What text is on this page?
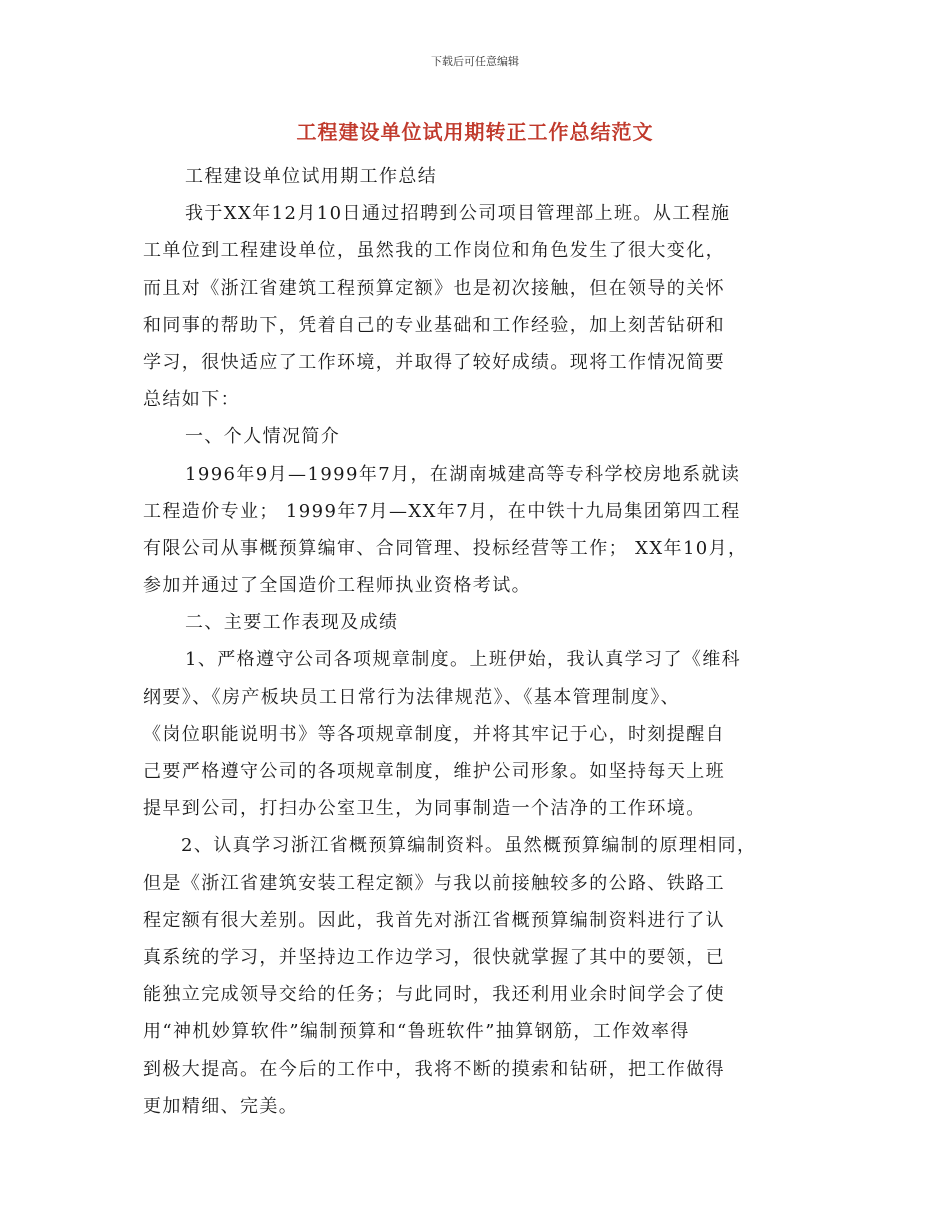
下载后可任意编辑
工程建设单位试用期转正工作总结范文
工程建设单位试用期工作总结
我于XX年12月10日通过招聘到公司项目管理部上班。从工程施
工单位到工程建设单位，虽然我的工作岗位和角色发生了很大变化，
而且对《浙江省建筑工程预算定额》也是初次接触，但在领导的关怀
和同事的帮助下，凭着自己的专业基础和工作经验，加上刻苦钻研和
学习，很快适应了工作环境，并取得了较好成绩。现将工作情况简要
总结如下：
一、个人情况简介
1996年9月—1999年7月，在湖南城建高等专科学校房地系就读
工程造价专业； 1999年7月—XX年7月，在中铁十九局集团第四工程
有限公司从事概预算编审、合同管理、投标经营等工作； XX年10月，
参加并通过了全国造价工程师执业资格考试。
二、主要工作表现及成绩
1、严格遵守公司各项规章制度。上班伊始，我认真学习了《维科
纲要》、《房产板块员工日常行为法律规范》、《基本管理制度》、
《岗位职能说明书》等各项规章制度，并将其牢记于心，时刻提醒自
己要严格遵守公司的各项规章制度，维护公司形象。如坚持每天上班
提早到公司，打扫办公室卫生，为同事制造一个洁净的工作环境。
2、认真学习浙江省概预算编制资料。虽然概预算编制的原理相同，
但是《浙江省建筑安装工程定额》与我以前接触较多的公路、铁路工
程定额有很大差别。因此，我首先对浙江省概预算编制资料进行了认
真系统的学习，并坚持边工作边学习，很快就掌握了其中的要领，已
能独立完成领导交给的任务；与此同时，我还利用业余时间学会了使
用“神机妙算软件”编制预算和“鲁班软件”抽算钢筋，工作效率得
到极大提高。在今后的工作中，我将不断的摸索和钻研，把工作做得
更加精细、完美。
